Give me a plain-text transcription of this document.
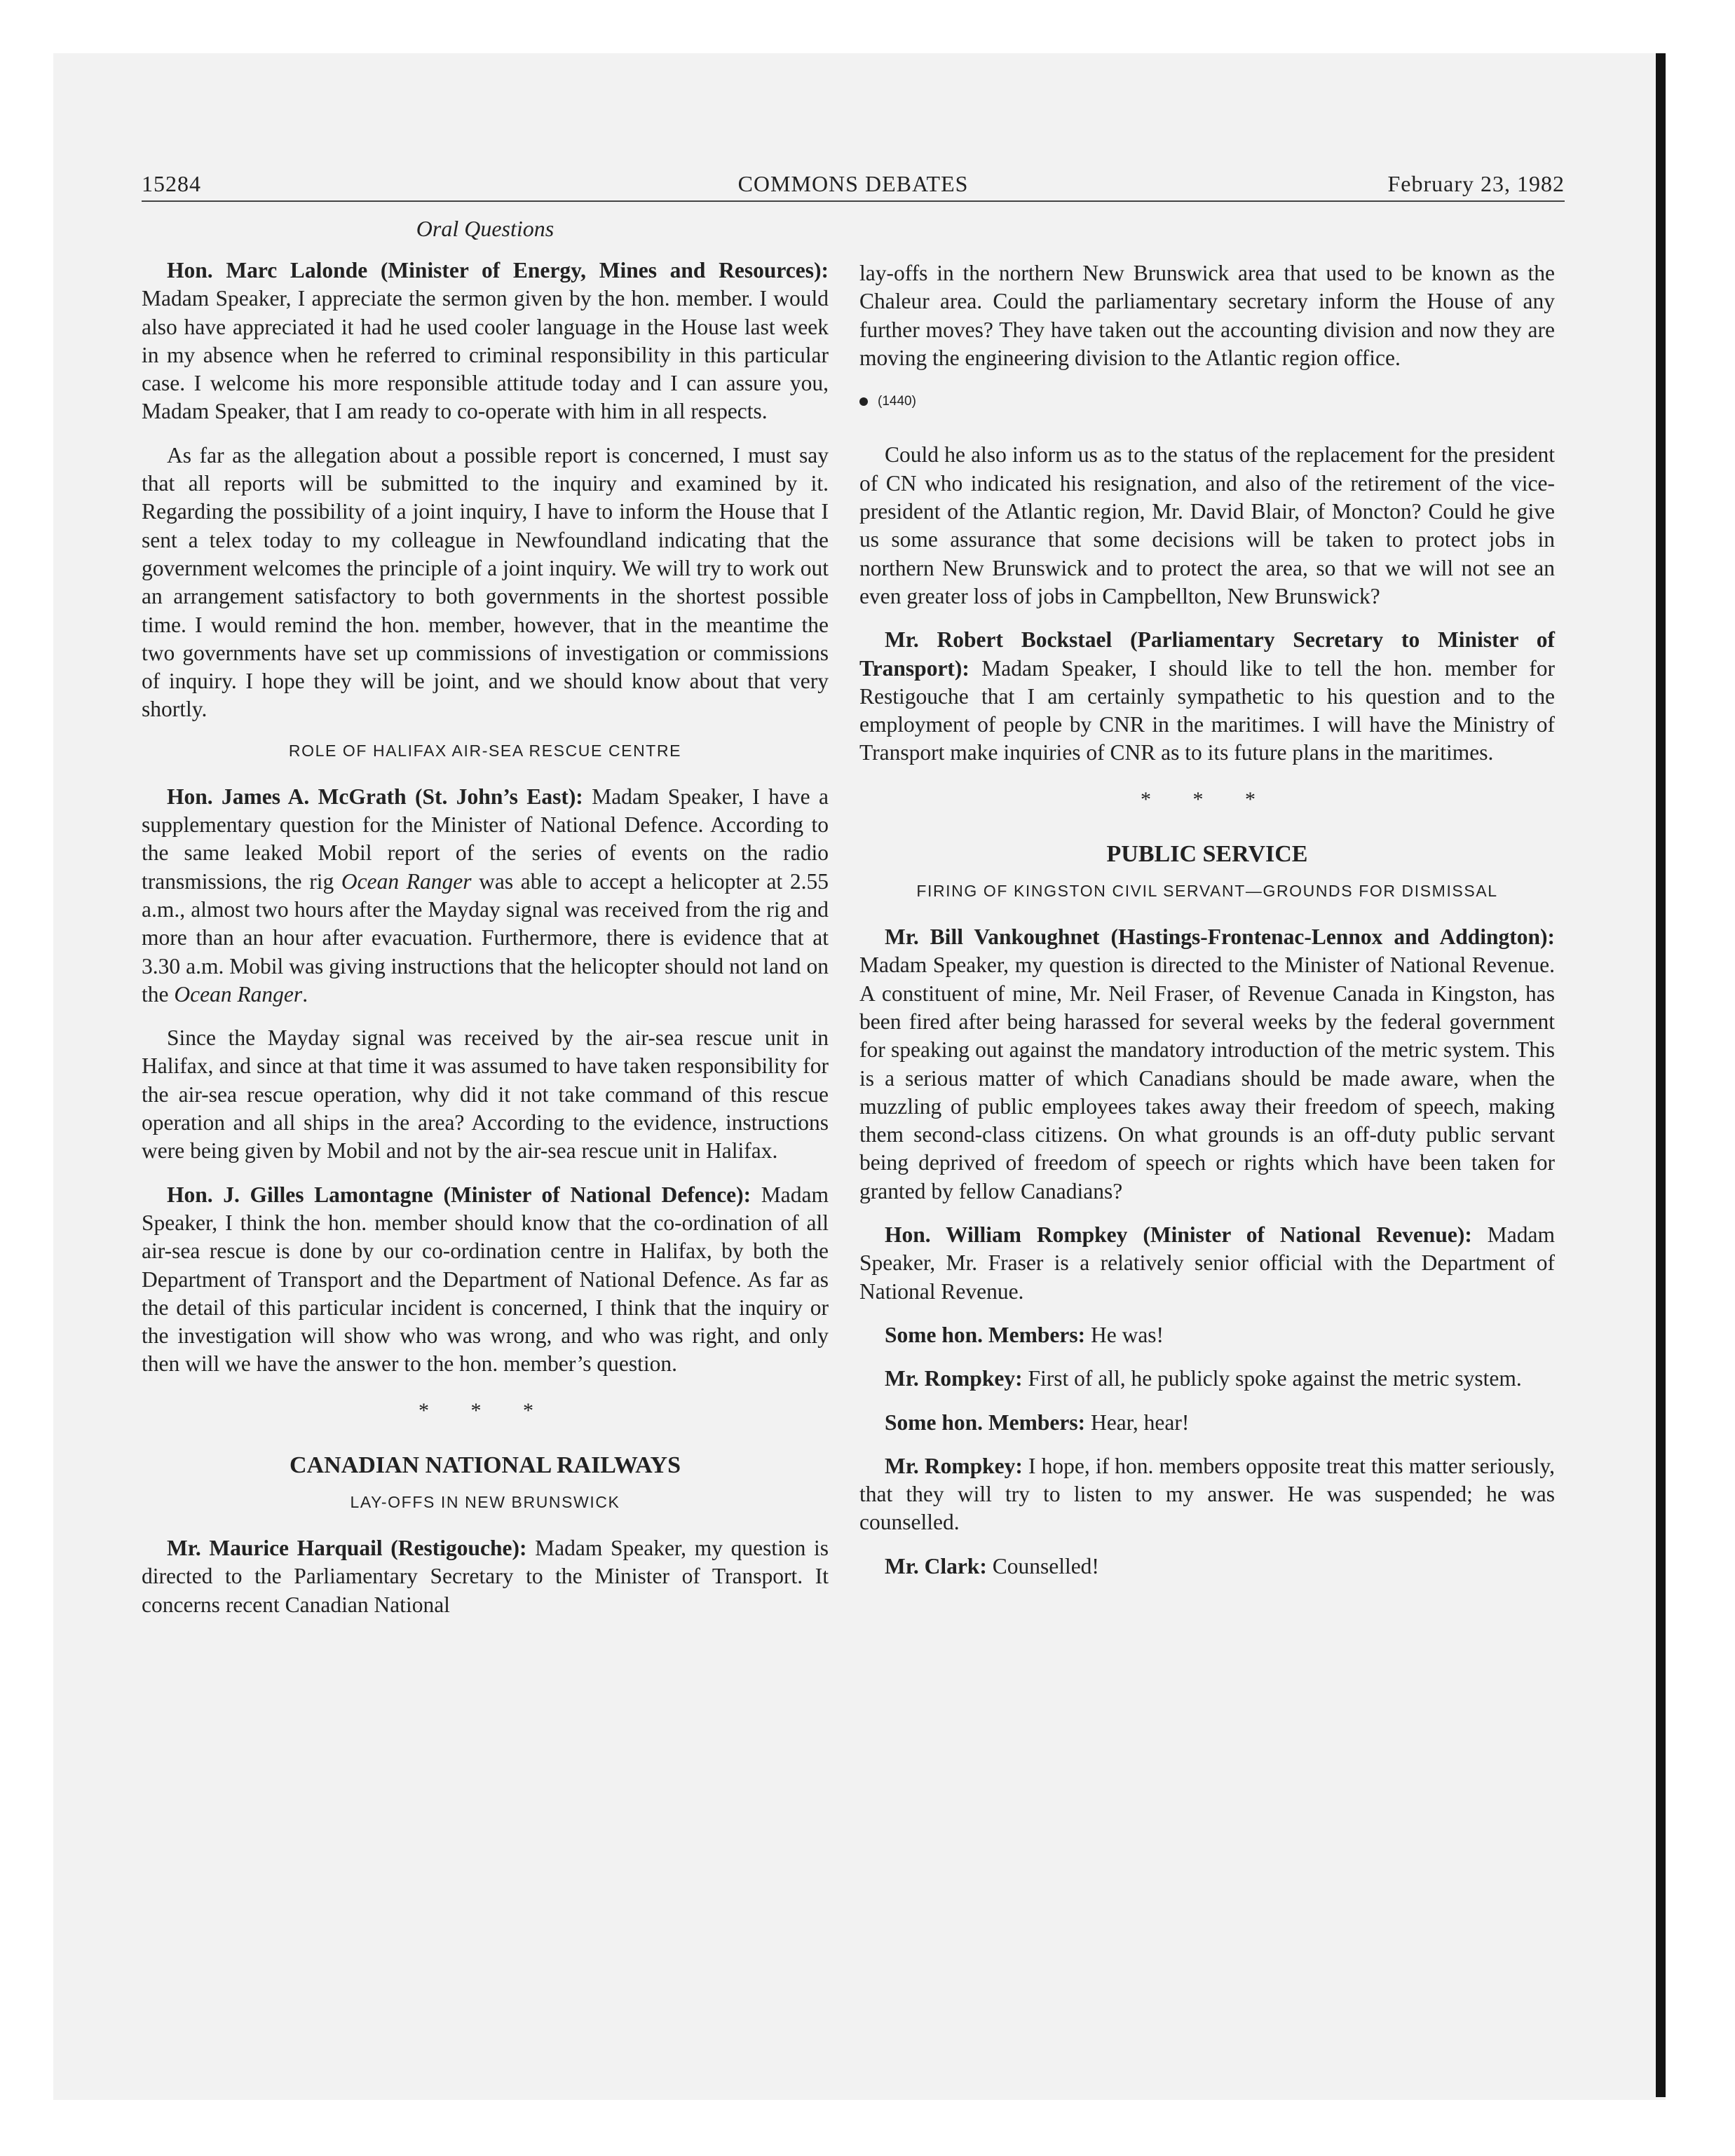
15284	COMMONS DEBATES	February 23, 1982
Oral Questions

Hon. Marc Lalonde (Minister of Energy, Mines and Resources): Madam Speaker, I appreciate the sermon given by the hon. member. I would also have appreciated it had he used cooler language in the House last week in my absence when he referred to criminal responsibility in this particular case. I welcome his more responsible attitude today and I can assure you, Madam Speaker, that I am ready to co-operate with him in all respects.

As far as the allegation about a possible report is concerned, I must say that all reports will be submitted to the inquiry and examined by it. Regarding the possibility of a joint inquiry, I have to inform the House that I sent a telex today to my colleague in Newfoundland indicating that the government welcomes the principle of a joint inquiry. We will try to work out an arrangement satisfactory to both governments in the shortest possible time. I would remind the hon. member, however, that in the meantime the two governments have set up commissions of investigation or commissions of inquiry. I hope they will be joint, and we should know about that very shortly.

ROLE OF HALIFAX AIR-SEA RESCUE CENTRE

Hon. James A. McGrath (St. John’s East): Madam Speaker, I have a supplementary question for the Minister of National Defence. According to the same leaked Mobil report of the series of events on the radio transmissions, the rig Ocean Ranger was able to accept a helicopter at 2.55 a.m., almost two hours after the Mayday signal was received from the rig and more than an hour after evacuation. Furthermore, there is evidence that at 3.30 a.m. Mobil was giving instructions that the helicopter should not land on the Ocean Ranger.

Since the Mayday signal was received by the air-sea rescue unit in Halifax, and since at that time it was assumed to have taken responsibility for the air-sea rescue operation, why did it not take command of this rescue operation and all ships in the area? According to the evidence, instructions were being given by Mobil and not by the air-sea rescue unit in Halifax.

Hon. J. Gilles Lamontagne (Minister of National Defence): Madam Speaker, I think the hon. member should know that the co-ordination of all air-sea rescue is done by our co-ordination centre in Halifax, by both the Department of Transport and the Department of National Defence. As far as the detail of this particular incident is concerned, I think that the inquiry or the investigation will show who was wrong, and who was right, and only then will we have the answer to the hon. member’s question.

* * *
CANADIAN NATIONAL RAILWAYS
LAY-OFFS IN NEW BRUNSWICK

Mr. Maurice Harquail (Restigouche): Madam Speaker, my question is directed to the Parliamentary Secretary to the Minister of Transport. It concerns recent Canadian National

lay-offs in the northern New Brunswick area that used to be known as the Chaleur area. Could the parliamentary secretary inform the House of any further moves? They have taken out the accounting division and now they are moving the engineering division to the Atlantic region office.

(1440)

Could he also inform us as to the status of the replacement for the president of CN who indicated his resignation, and also of the retirement of the vice-president of the Atlantic region, Mr. David Blair, of Moncton? Could he give us some assurance that some decisions will be taken to protect jobs in northern New Brunswick and to protect the area, so that we will not see an even greater loss of jobs in Campbellton, New Brunswick?

Mr. Robert Bockstael (Parliamentary Secretary to Minister of Transport): Madam Speaker, I should like to tell the hon. member for Restigouche that I am certainly sympathetic to his question and to the employment of people by CNR in the maritimes. I will have the Ministry of Transport make inquiries of CNR as to its future plans in the maritimes.

* * *
PUBLIC SERVICE
FIRING OF KINGSTON CIVIL SERVANT—GROUNDS FOR DISMISSAL

Mr. Bill Vankoughnet (Hastings-Frontenac-Lennox and Addington): Madam Speaker, my question is directed to the Minister of National Revenue. A constituent of mine, Mr. Neil Fraser, of Revenue Canada in Kingston, has been fired after being harassed for several weeks by the federal government for speaking out against the mandatory introduction of the metric system. This is a serious matter of which Canadians should be made aware, when the muzzling of public employees takes away their freedom of speech, making them second-class citizens. On what grounds is an off-duty public servant being deprived of freedom of speech or rights which have been taken for granted by fellow Canadians?

Hon. William Rompkey (Minister of National Revenue): Madam Speaker, Mr. Fraser is a relatively senior official with the Department of National Revenue.

Some hon. Members: He was!

Mr. Rompkey: First of all, he publicly spoke against the metric system.

Some hon. Members: Hear, hear!

Mr. Rompkey: I hope, if hon. members opposite treat this matter seriously, that they will try to listen to my answer. He was suspended; he was counselled.

Mr. Clark: Counselled!
